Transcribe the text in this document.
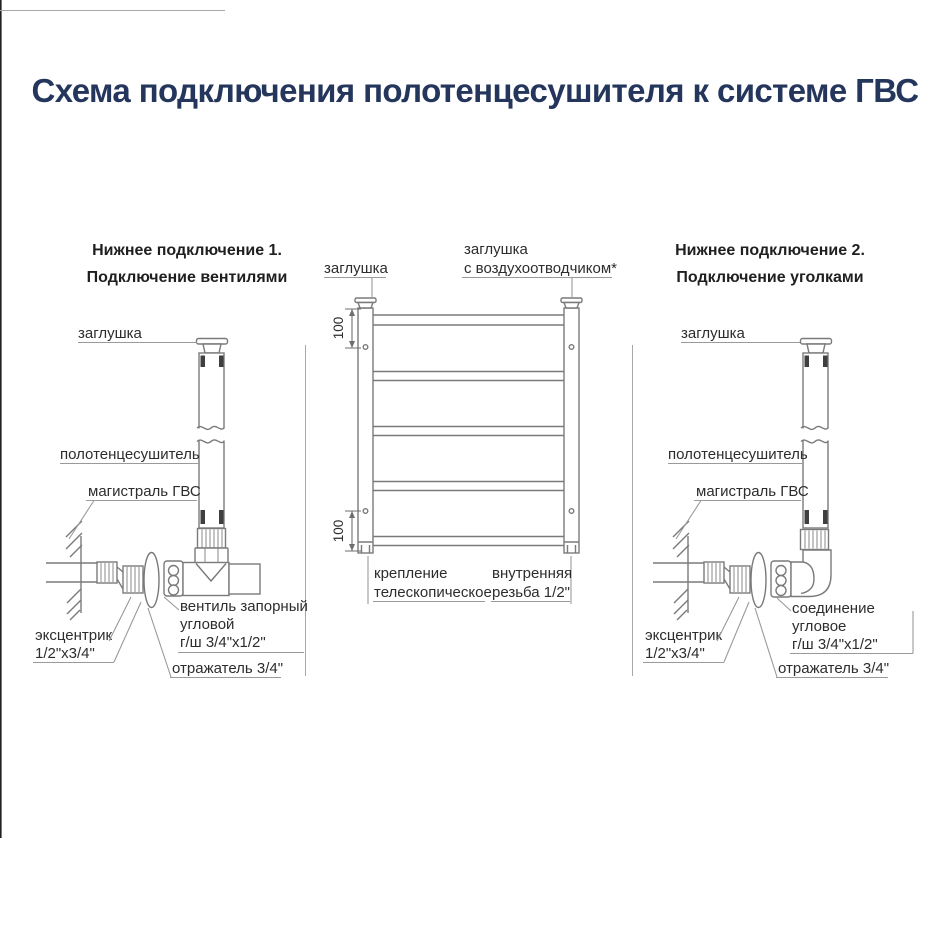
Схема подключения полотенцесушителя к системе ГВС
Нижнее подключение 1.
Подключение вентилями
Нижнее подключение 2.
Подключение уголками
100
100
заглушка
заглушка
с воздухоотводчиком*
крепление
телескопическое
внутренняя
резьба 1/2"
заглушка
полотенцесушитель
магистраль ГВС
эксцентрик
1/2"х3/4"
вентиль запорный
угловой
г/ш 3/4"х1/2"
отражатель 3/4"
заглушка
полотенцесушитель
магистраль ГВС
эксцентрик
1/2"х3/4"
соединение
угловое
г/ш 3/4"х1/2"
отражатель 3/4"
